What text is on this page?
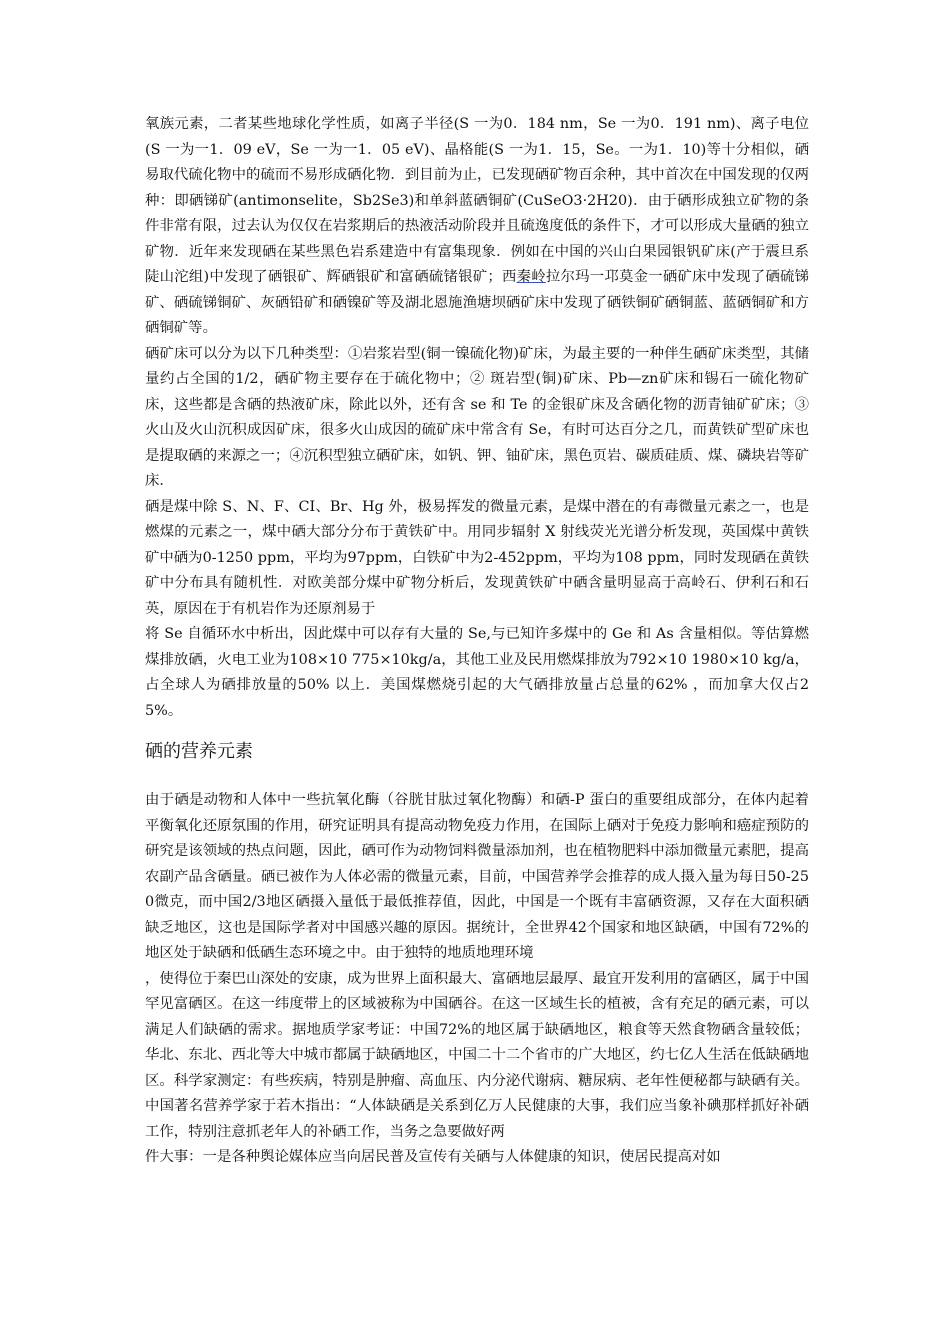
氧族元素，二者某些地球化学性质，如离子半径(S 一为0．184 nm，Se 一为0．191 nm)、离子电位(S 一为一1．09 eV，Se 一为一1．05 eV)、晶格能(S 一为1．15，Se。一为1．10)等十分相似，硒易取代硫化物中的硫而不易形成硒化物．到目前为止，已发现硒矿物百余种，其中首次在中国发现的仅两种：即硒锑矿(antimonselite，Sb2Se3)和单斜蓝硒铜矿(CuSeO3·2H20)．由于硒形成独立矿物的条件非常有限，过去认为仅仅在岩浆期后的热液活动阶段并且硫逸度低的条件下，才可以形成大量硒的独立矿物．近年来发现硒在某些黑色岩系建造中有富集现象．例如在中国的兴山白果园银钒矿床(产于震旦系陡山沱组)中发现了硒银矿、辉硒银矿和富硒硫锗银矿；西秦岭拉尔玛一邛莫金一硒矿床中发现了硒硫锑矿、硒硫锑铜矿、灰硒铅矿和硒镍矿等及湖北恩施渔塘坝硒矿床中发现了硒铁铜矿硒铜蓝、蓝硒铜矿和方硒铜矿等。

硒矿床可以分为以下几种类型：①岩浆岩型(铜一镍硫化物)矿床，为最主要的一种伴生硒矿床类型，其储量约占全国的1/2，硒矿物主要存在于硫化物中；② 斑岩型(铜)矿床、Pb—zn矿床和锡石一硫化物矿床，这些都是含硒的热液矿床，除此以外，还有含 se 和 Te 的金银矿床及含硒化物的沥青铀矿矿床；③火山及火山沉积成因矿床，很多火山成因的硫矿床中常含有 Se，有时可达百分之几，而黄铁矿型矿床也是提取硒的来源之一；④沉积型独立硒矿床，如钒、钾、铀矿床，黑色页岩、碳质硅质、煤、磷块岩等矿床．

硒是煤中除 S、N、F、CI、Br、Hg 外，极易挥发的微量元素，是煤中潜在的有毒微量元素之一，也是燃煤的元素之一，煤中硒大部分分布于黄铁矿中。用同步辐射 X 射线荧光光谱分析发现，英国煤中黄铁矿中硒为0-1250 ppm，平均为97ppm，白铁矿中为2-452ppm，平均为108 ppm，同时发现硒在黄铁矿中分布具有随机性．对欧美部分煤中矿物分析后，发现黄铁矿中硒含量明显高于高岭石、伊利石和石英，原因在于有机岩作为还原剂易于

将 Se 自循环水中析出，因此煤中可以存有大量的 Se,与已知许多煤中的 Ge 和 As 含量相似。等估算燃煤排放硒，火电工业为108×10 775×10kg/a，其他工业及民用燃煤排放为792×10 1980×10 kg/a，占全球人为硒排放量的50% 以上．美国煤燃烧引起的大气硒排放量占总量的62% ，而加拿大仅占25%。

硒的营养元素

由于硒是动物和人体中一些抗氧化酶（谷胱甘肽过氧化物酶）和硒-P 蛋白的重要组成部分，在体内起着平衡氧化还原氛围的作用，研究证明具有提高动物免疫力作用，在国际上硒对于免疫力影响和癌症预防的研究是该领域的热点问题，因此，硒可作为动物饲料微量添加剂，也在植物肥料中添加微量元素肥，提高农副产品含硒量。硒已被作为人体必需的微量元素，目前，中国营养学会推荐的成人摄入量为每日50-250微克，而中国2/3地区硒摄入量低于最低推荐值，因此，中国是一个既有丰富硒资源，又存在大面积硒缺乏地区，这也是国际学者对中国感兴趣的原因。据统计，全世界42个国家和地区缺硒，中国有72%的地区处于缺硒和低硒生态环境之中。由于独特的地质地理环境

，使得位于秦巴山深处的安康，成为世界上面积最大、富硒地层最厚、最宜开发利用的富硒区，属于中国罕见富硒区。在这一纬度带上的区域被称为中国硒谷。在这一区域生长的植被，含有充足的硒元素，可以满足人们缺硒的需求。据地质学家考证：中国72%的地区属于缺硒地区，粮食等天然食物硒含量较低；华北、东北、西北等大中城市都属于缺硒地区，中国二十二个省市的广大地区，约七亿人生活在低缺硒地区。科学家测定：有些疾病，特别是肿瘤、高血压、内分泌代谢病、糖尿病、老年性便秘都与缺硒有关。中国著名营养学家于若木指出：“人体缺硒是关系到亿万人民健康的大事，我们应当象补碘那样抓好补硒工作，特别注意抓老年人的补硒工作，当务之急要做好两

件大事：一是各种舆论媒体应当向居民普及宣传有关硒与人体健康的知识，使居民提高对如
